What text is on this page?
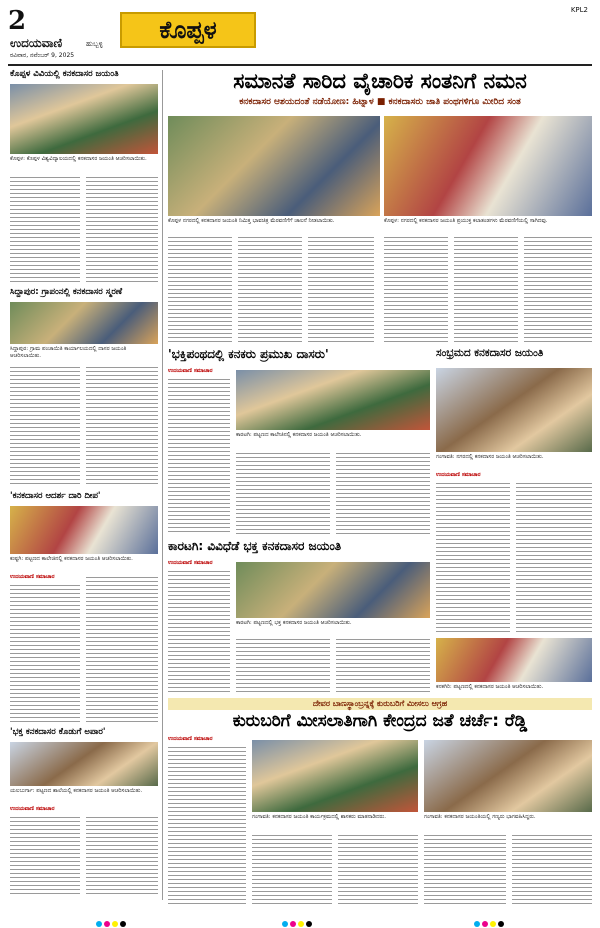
2
ಉದಯವಾಣಿ	ಹುಬ್ಬಳ್ಳಿ
ರವಿವಾರ, ನವೆಂಬರ್ 9, 2025
ಕೊಪ್ಪಳ
KPL2
ಕೊಪ್ಪಳ ವಿವಿಯಲ್ಲಿ ಕನಕದಾಸರ ಜಯಂತಿ
ಕೊಪ್ಪಳ: ಕೊಪ್ಪಳ ವಿಶ್ವವಿದ್ಯಾಲಯದಲ್ಲಿ ಕನಕದಾಸರ ಜಯಂತಿ ಆಚರಿಸಲಾಯಿತು.
ಸಿದ್ದಾಪುರ: ಗ್ರಾಪಂನಲ್ಲಿ ಕನಕದಾಸರ ಸ್ಮರಣೆ
ಸಿದ್ದಾಪುರ: ಗ್ರಾಮ ಪಂಚಾಯಿತಿ ಕಾರ್ಯಾಲಯದಲ್ಲಿ ದಾಸರ ಜಯಂತಿ ಆಚರಿಸಲಾಯಿತು.
'ಕನಕದಾಸರ ಆದರ್ಶ ದಾರಿ ದೀಪ'
ಕುಷ್ಟಗಿ: ಪಟ್ಟಣದ ಕಾಲೇಜಿನಲ್ಲಿ ಕನಕದಾಸರ ಜಯಂತಿ ಆಚರಿಸಲಾಯಿತು.
ಉದಯವಾಣಿ ಸಮಾಚಾರ
'ಭಕ್ತ ಕನಕದಾಸರ ಕೊಡುಗೆ ಅಪಾರ'
ಯಲಬುರ್ಗಾ: ಪಟ್ಟಣದ ಶಾಲೆಯಲ್ಲಿ ಕನಕದಾಸರ ಜಯಂತಿ ಆಚರಿಸಲಾಯಿತು.
ಉದಯವಾಣಿ ಸಮಾಚಾರ
ಸಮಾನತೆ ಸಾರಿದ ವೈಚಾರಿಕ ಸಂತನಿಗೆ ನಮನ
ಕನಕದಾಸರ ಆಶಯದಂತೆ ನಡೆಯೋಣ: ಹಿಟ್ನಾಳ ■ ಕನಕದಾಸರು ಜಾತಿ ಪಂಥಗಳಿಗೂ ಮೀರಿದ ಸಂತ
ಕೊಪ್ಪಳ ನಗರದಲ್ಲಿ ಕನಕದಾಸರ ಜಯಂತಿ ನಿಮಿತ್ತ ಭಾವಚಿತ್ರ ಮೆರವಣಿಗೆಗೆ ಚಾಲನೆ ನೀಡಲಾಯಿತು.	ಕೊಪ್ಪಳ: ನಗರದಲ್ಲಿ ಕನಕದಾಸರ ಜಯಂತಿ ಪ್ರಯುಕ್ತ ಕಲಾತಂಡಗಳು ಮೆರವಣಿಗೆಯಲ್ಲಿ ಸಾಗಿದವು.
'ಭಕ್ತಿಪಂಥದಲ್ಲಿ ಕನಕರು ಪ್ರಮುಖ ದಾಸರು'
ಉದಯವಾಣಿ ಸಮಾಚಾರ
ಕಾರಟಗಿ: ಪಟ್ಟಣದ ಕಾಲೇಜಿನಲ್ಲಿ ಕನಕದಾಸರ ಜಯಂತಿ ಆಚರಿಸಲಾಯಿತು.
ಸಂಭ್ರಮದ ಕನಕದಾಸರ ಜಯಂತಿ
ಗಂಗಾವತಿ: ನಗರದಲ್ಲಿ ಕನಕದಾಸರ ಜಯಂತಿ ಆಚರಿಸಲಾಯಿತು.
ಉದಯವಾಣಿ ಸಮಾಚಾರ
ಕಾರಟಗಿ: ವಿವಿಧೆಡೆ ಭಕ್ತ ಕನಕದಾಸರ ಜಯಂತಿ
ಉದಯವಾಣಿ ಸಮಾಚಾರ
ಕಾರಟಗಿ: ಪಟ್ಟಣದಲ್ಲಿ ಭಕ್ತ ಕನಕದಾಸರ ಜಯಂತಿ ಆಚರಿಸಲಾಯಿತು.
ಕನಕಗಿರಿ: ಪಟ್ಟಣದಲ್ಲಿ ಕನಕದಾಸರ ಜಯಂತಿ ಆಚರಿಸಲಾಯಿತು.
ದೇವರ ಬಾಣಸ್ಥಾಂಬ್ರನ್ನಕ್ಕೆ ಕುರುಬರಿಗೆ ಮೀಸಲು ಆಗ್ರಹ
ಕುರುಬರಿಗೆ ಮೀಸಲಾತಿಗಾಗಿ ಕೇಂದ್ರದ ಜತೆ ಚರ್ಚೆ: ರೆಡ್ಡಿ
ಉದಯವಾಣಿ ಸಮಾಚಾರ
ಗಂಗಾವತಿ: ಕನಕದಾಸರ ಜಯಂತಿ ಕಾರ್ಯಕ್ರಮದಲ್ಲಿ ಶಾಸಕರು ಮಾತನಾಡಿದರು.	ಗಂಗಾವತಿ: ಕನಕದಾಸರ ಜಯಂತಿಯಲ್ಲಿ ಗಣ್ಯರು ಭಾಗವಹಿಸಿದ್ದರು.
